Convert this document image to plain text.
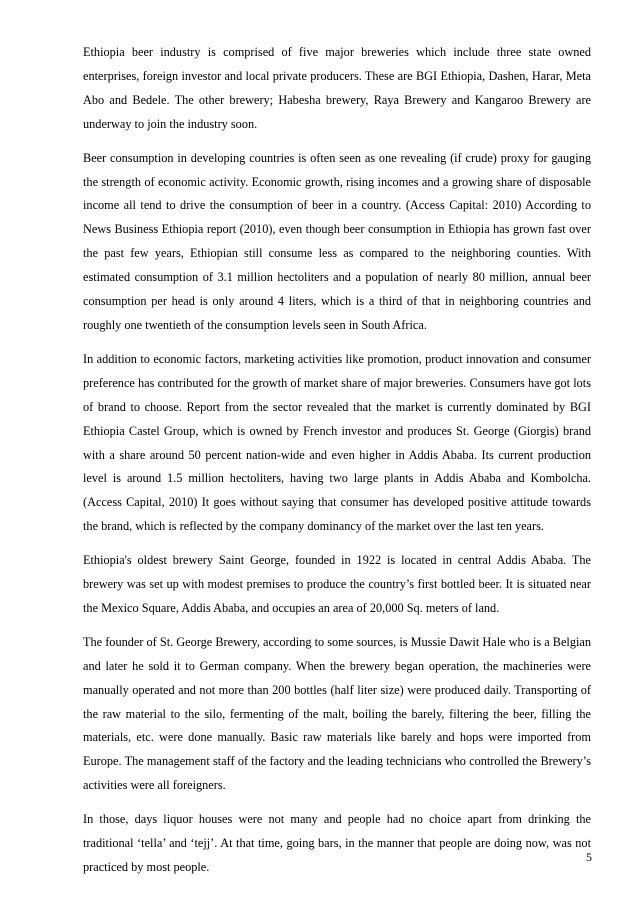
Ethiopia beer industry is comprised of five major breweries which include three state owned enterprises, foreign investor and local private producers. These are BGI Ethiopia, Dashen, Harar, Meta Abo and Bedele. The other brewery; Habesha brewery, Raya Brewery and Kangaroo Brewery are underway to join the industry soon.

Beer consumption in developing countries is often seen as one revealing (if crude) proxy for gauging the strength of economic activity. Economic growth, rising incomes and a growing share of disposable income all tend to drive the consumption of beer in a country. (Access Capital: 2010) According to News Business Ethiopia report (2010), even though beer consumption in Ethiopia has grown fast over the past few years, Ethiopian still consume less as compared to the neighboring counties. With estimated consumption of 3.1 million hectoliters and a population of nearly 80 million, annual beer consumption per head is only around 4 liters, which is a third of that in neighboring countries and roughly one twentieth of the consumption levels seen in South Africa.

In addition to economic factors, marketing activities like promotion, product innovation and consumer preference has contributed for the growth of market share of major breweries. Consumers have got lots of brand to choose. Report from the sector revealed that the market is currently dominated by BGI Ethiopia Castel Group, which is owned by French investor and produces St. George (Giorgis) brand with a share around 50 percent nation-wide and even higher in Addis Ababa. Its current production level is around 1.5 million hectoliters, having two large plants in Addis Ababa and Kombolcha. (Access Capital, 2010) It goes without saying that consumer has developed positive attitude towards the brand, which is reflected by the company dominancy of the market over the last ten years.

Ethiopia's oldest brewery Saint George, founded in 1922 is located in central Addis Ababa. The brewery was set up with modest premises to produce the country’s first bottled beer. It is situated near the Mexico Square, Addis Ababa, and occupies an area of 20,000 Sq. meters of land.

The founder of St. George Brewery, according to some sources, is Mussie Dawit Hale who is a Belgian and later he sold it to German company. When the brewery began operation, the machineries were manually operated and not more than 200 bottles (half liter size) were produced daily. Transporting of the raw material to the silo, fermenting of the malt, boiling the barely, filtering the beer, filling the materials, etc. were done manually. Basic raw materials like barely and hops were imported from Europe. The management staff of the factory and the leading technicians who controlled the Brewery’s activities were all foreigners.

In those, days liquor houses were not many and people had no choice apart from drinking the traditional ‘tella’ and ‘tejj’. At that time, going bars, in the manner that people are doing now, was not practiced by most people.

5
